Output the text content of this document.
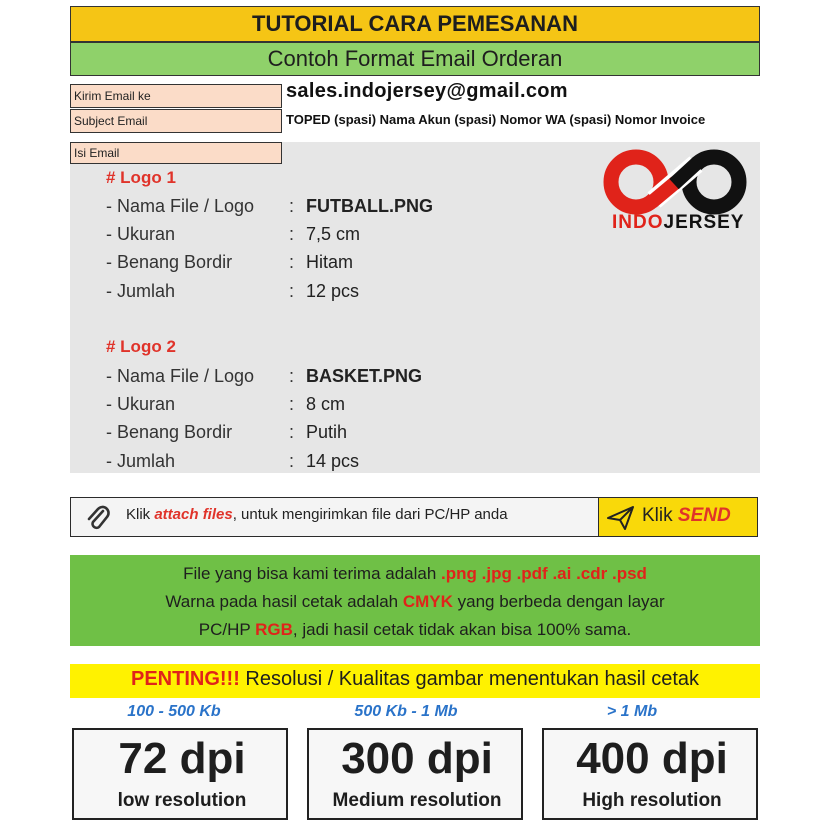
TUTORIAL CARA PEMESANAN
Contoh Format Email Orderan
Kirim Email ke	sales.indojersey@gmail.com
Subject Email	TOPED (spasi) Nama Akun (spasi) Nomor WA (spasi) Nomor Invoice
Isi Email
INDOJERSEY
# Logo 1
- Nama File / Logo : FUTBALL.PNG
- Ukuran	: 7,5 cm
- Benang Bordir	: Hitam
- Jumlah	: 12 pcs
# Logo 2
- Nama File / Logo : BASKET.PNG
- Ukuran	: 8 cm
- Benang Bordir	: Putih
- Jumlah	: 14 pcs
Klik attach files, untuk mengirimkan file dari PC/HP anda	Klik SEND
File yang bisa kami terima adalah .png .jpg .pdf .ai .cdr .psd
Warna pada hasil cetak adalah CMYK yang berbeda dengan layar
PC/HP RGB, jadi hasil cetak tidak akan bisa 100% sama.
PENTING!!! Resolusi / Kualitas gambar menentukan hasil cetak
100 - 500 Kb	500 Kb - 1 Mb	> 1 Mb
72 dpi
low resolution
300 dpi
Medium resolution
400 dpi
High resolution
